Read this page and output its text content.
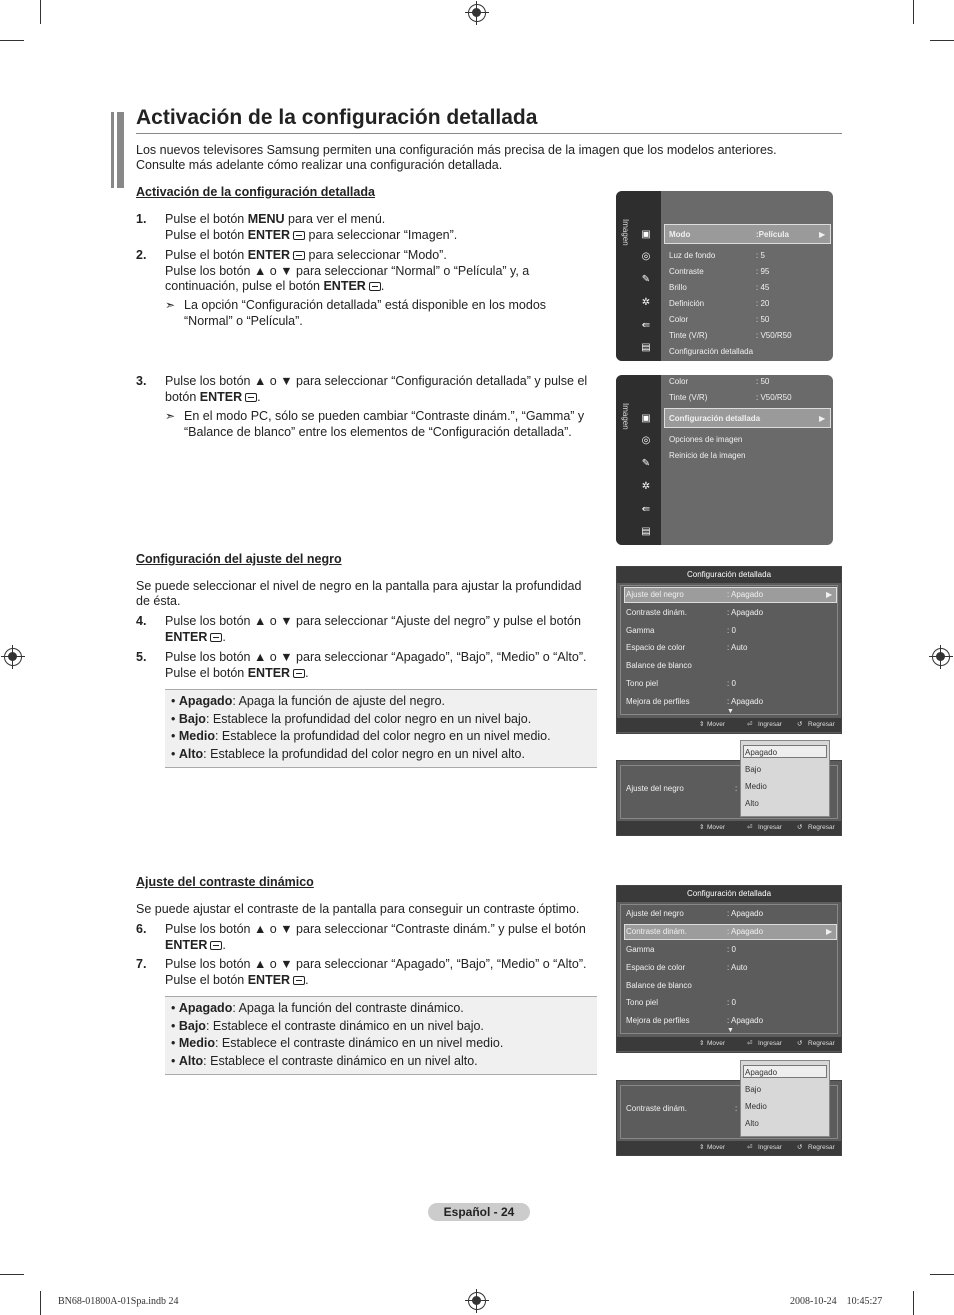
Activación de la configuración detallada
Los nuevos televisores Samsung permiten una configuración más precisa de la imagen que los modelos anteriores. Consulte más adelante cómo realizar una configuración detallada.
Activación de la configuración detallada
1.	Pulse el botón MENU para ver el menú.
Pulse el botón ENTER para seleccionar “Imagen”.
2.	Pulse el botón ENTER para seleccionar “Modo”.
Pulse los botón ▲ o ▼ para seleccionar “Normal” o “Película” y, a
continuación, pulse el botón ENTER .
➣ La opción “Configuración detallada” está disponible en los modos
“Normal” o “Película”.
3.	Pulse los botón ▲ o ▼ para seleccionar “Configuración detallada” y pulse el
botón ENTER .
➣ En el modo PC, sólo se pueden cambiar “Contraste dinám.”, “Gamma” y
“Balance de blanco” entre los elementos de “Configuración detallada”.
Imagen ▣
◎
✎
✲
⇚
▤
Modo	:Película	▶
Luz de fondo	: 5
Contraste	: 95
Brillo	: 45
Definición	: 20
Color	: 50
Tinte (V/R)	: V50/R50
Configuración detallada
Imagen ▣
◎
✎
✲
⇚
▤
Color	: 50
Tinte (V/R)	: V50/R50
Configuración detallada	▶
Opciones de imagen
Reinicio de la imagen
Configuración del ajuste del negro
Se puede seleccionar el nivel de negro en la pantalla para ajustar la profundidad
de ésta.
4.	Pulse los botón ▲ o ▼ para seleccionar “Ajuste del negro” y pulse el botón
ENTER .
5.	Pulse los botón ▲ o ▼ para seleccionar “Apagado”, “Bajo”, “Medio” o “Alto”.
Pulse el botón ENTER .
• Apagado: Apaga la función de ajuste del negro.
• Bajo: Establece la profundidad del color negro en un nivel bajo.
• Medio: Establece la profundidad del color negro en un nivel medio.
• Alto: Establece la profundidad del color negro en un nivel alto.
Configuración detallada
Ajuste del negro	: Apagado	▶
Contraste dinám.	: Apagado
Gamma	: 0
Espacio de color	: Auto
Balance de blanco
Tono piel	: 0
Mejora de perfiles	: Apagado
▼
⇕ Mover	⏎ Ingresar ↺ Regresar
Ajuste del negro	:
⇕ Mover	⏎ Ingresar ↺ Regresar
Apagado
Bajo
Medio
Alto
Ajuste del contraste dinámico
Se puede ajustar el contraste de la pantalla para conseguir un contraste óptimo.
6.	Pulse los botón ▲ o ▼ para seleccionar “Contraste dinám.” y pulse el botón
ENTER .
7.	Pulse los botón ▲ o ▼ para seleccionar “Apagado”, “Bajo”, “Medio” o “Alto”.
Pulse el botón ENTER .
• Apagado: Apaga la función del contraste dinámico.
• Bajo: Establece el contraste dinámico en un nivel bajo.
• Medio: Establece el contraste dinámico en un nivel medio.
• Alto: Establece el contraste dinámico en un nivel alto.
Configuración detallada
Ajuste del negro	: Apagado
Contraste dinám.	: Apagado	▶
Gamma	: 0
Espacio de color	: Auto
Balance de blanco
Tono piel	: 0
Mejora de perfiles	: Apagado
▼
⇕ Mover	⏎ Ingresar ↺ Regresar
Contraste dinám.	:
⇕ Mover	⏎ Ingresar ↺ Regresar
Apagado
Bajo
Medio
Alto
Español - 24
BN68-01800A-01Spa.indb 24	2008-10-24    10:45:27
